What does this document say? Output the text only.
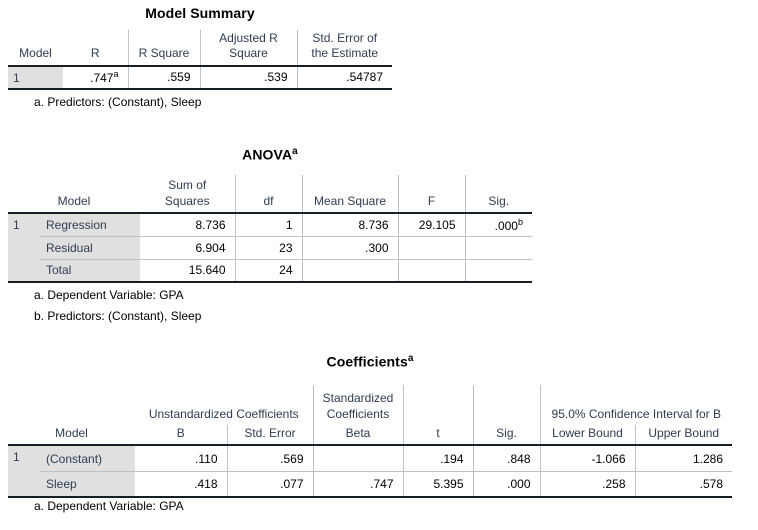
Model Summary
Model	R	R Square	Adjusted R Square	Std. Error of the Estimate
1	.747$^a$	.559	.539	.54787
a. Predictors: (Constant), Sleep
ANOVA$^a$
Model		Sum of Squares	df	Mean Square	F	Sig.
1	Regression	8.736	1	8.736	29.105	.000$^b$
	Residual	6.904	23	.300		
	Total	15.640	24			
a. Dependent Variable: GPA
b. Predictors: (Constant), Sleep
Coefficients$^a$
Model		Unstandardized Coefficients		Standardized Coefficients	t	Sig.	95.0% Confidence Interval for B	
		B	Std. Error	Beta			Lower Bound	Upper Bound
1	(Constant)	.110	.569		.194	.848	-1.066	1.286
	Sleep	.418	.077	.747	5.395	.000	.258	.578
a. Dependent Variable: GPA
